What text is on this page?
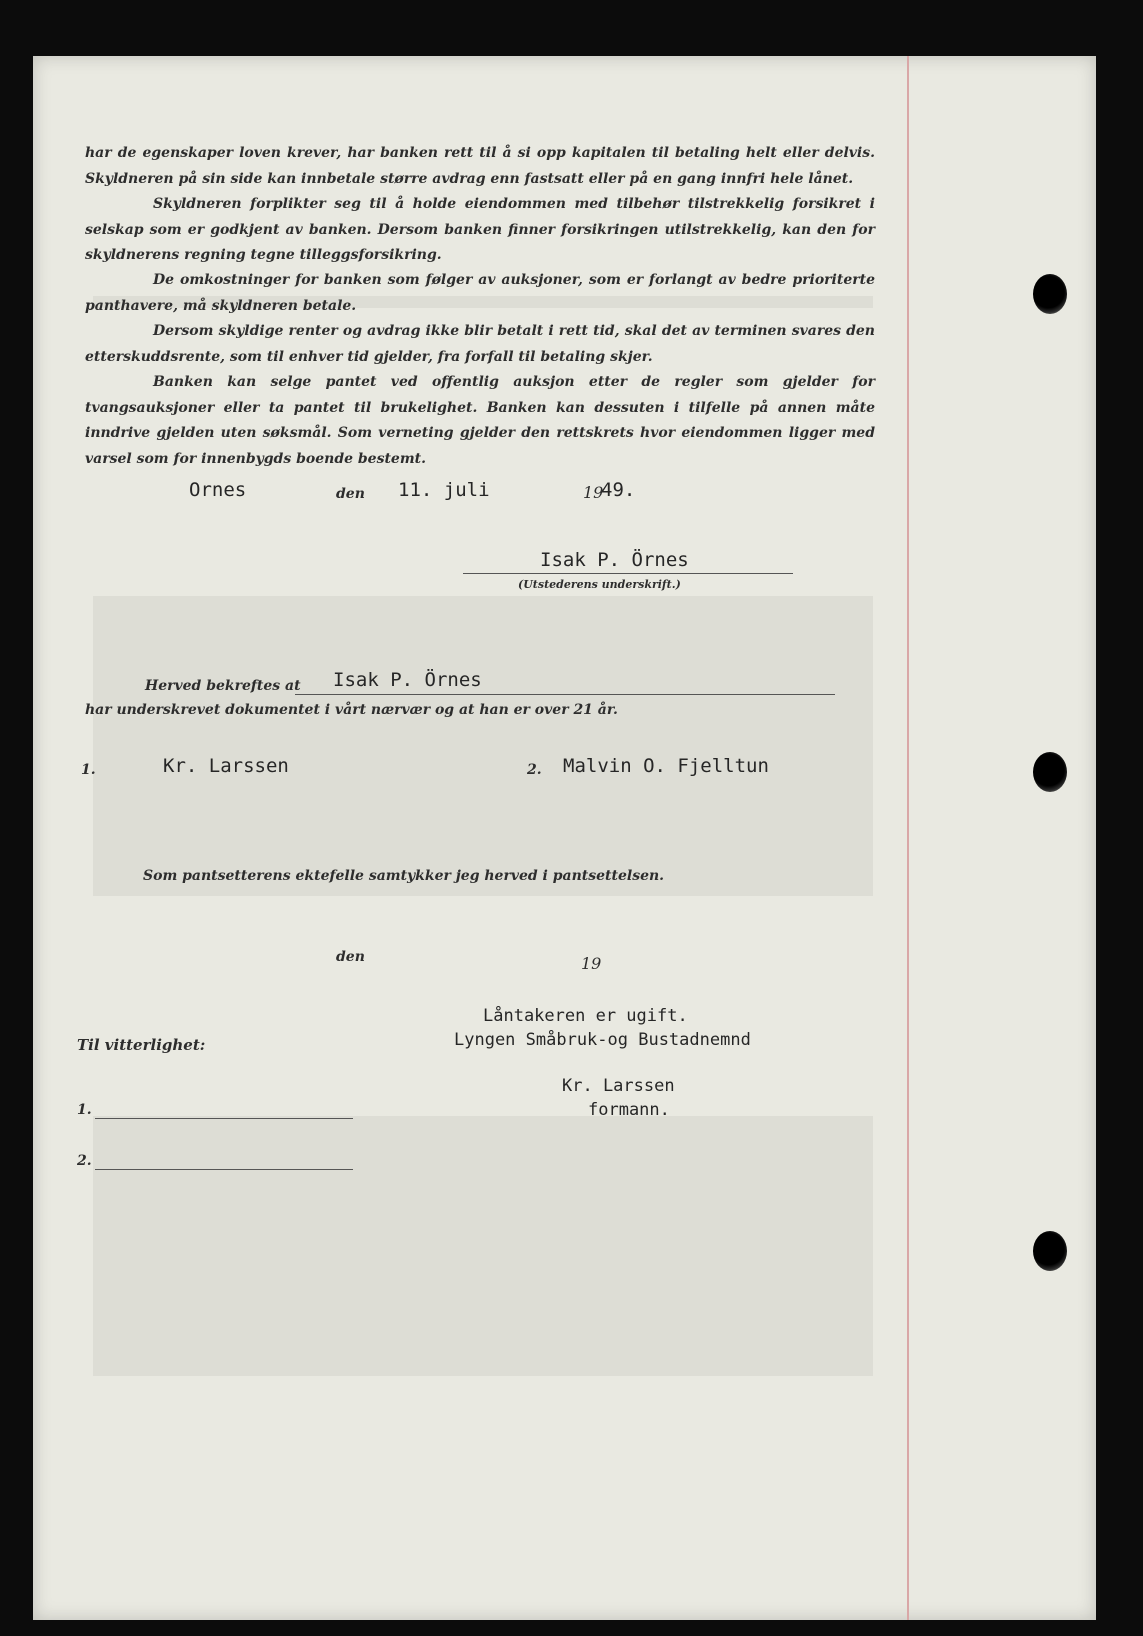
har de egenskaper loven krever, har banken rett til å si opp kapitalen til betaling helt eller delvis. Skyldneren på sin side kan innbetale større avdrag enn fastsatt eller på en gang innfri hele lånet.

Skyldneren forplikter seg til å holde eiendommen med tilbehør tilstrekkelig forsikret i selskap som er godkjent av banken. Dersom banken finner forsikringen utilstrekkelig, kan den for skyldnerens regning tegne tilleggsforsikring.

De omkostninger for banken som følger av auksjoner, som er forlangt av bedre prioriterte panthavere, må skyldneren betale.

Dersom skyldige renter og avdrag ikke blir betalt i rett tid, skal det av terminen svares den etterskuddsrente, som til enhver tid gjelder, fra forfall til betaling skjer.

Banken kan selge pantet ved offentlig auksjon etter de regler som gjelder for tvangsauksjoner eller ta pantet til brukelighet. Banken kan dessuten i tilfelle på annen måte inndrive gjelden uten søksmål. Som verneting gjelder den rettskrets hvor eiendommen ligger med varsel som for innenbygds boende bestemt.

Ornes	den 11. juli	19
49.
Isak P. Örnes
(Utstederens underskrift.)
Herved bekreftes at Isak P. Örnes
har underskrevet dokumentet i vårt nærvær og at han er over 21 år.
1.	Kr. Larssen	2. Malvin O. Fjelltun
Som pantsetterens ektefelle samtykker jeg herved i pantsettelsen.
den	19
Låntakeren er ugift.
Lyngen Småbruk-og Bustadnemnd
Kr. Larssen
formann.
Til vitterlighet:
1.
2.
